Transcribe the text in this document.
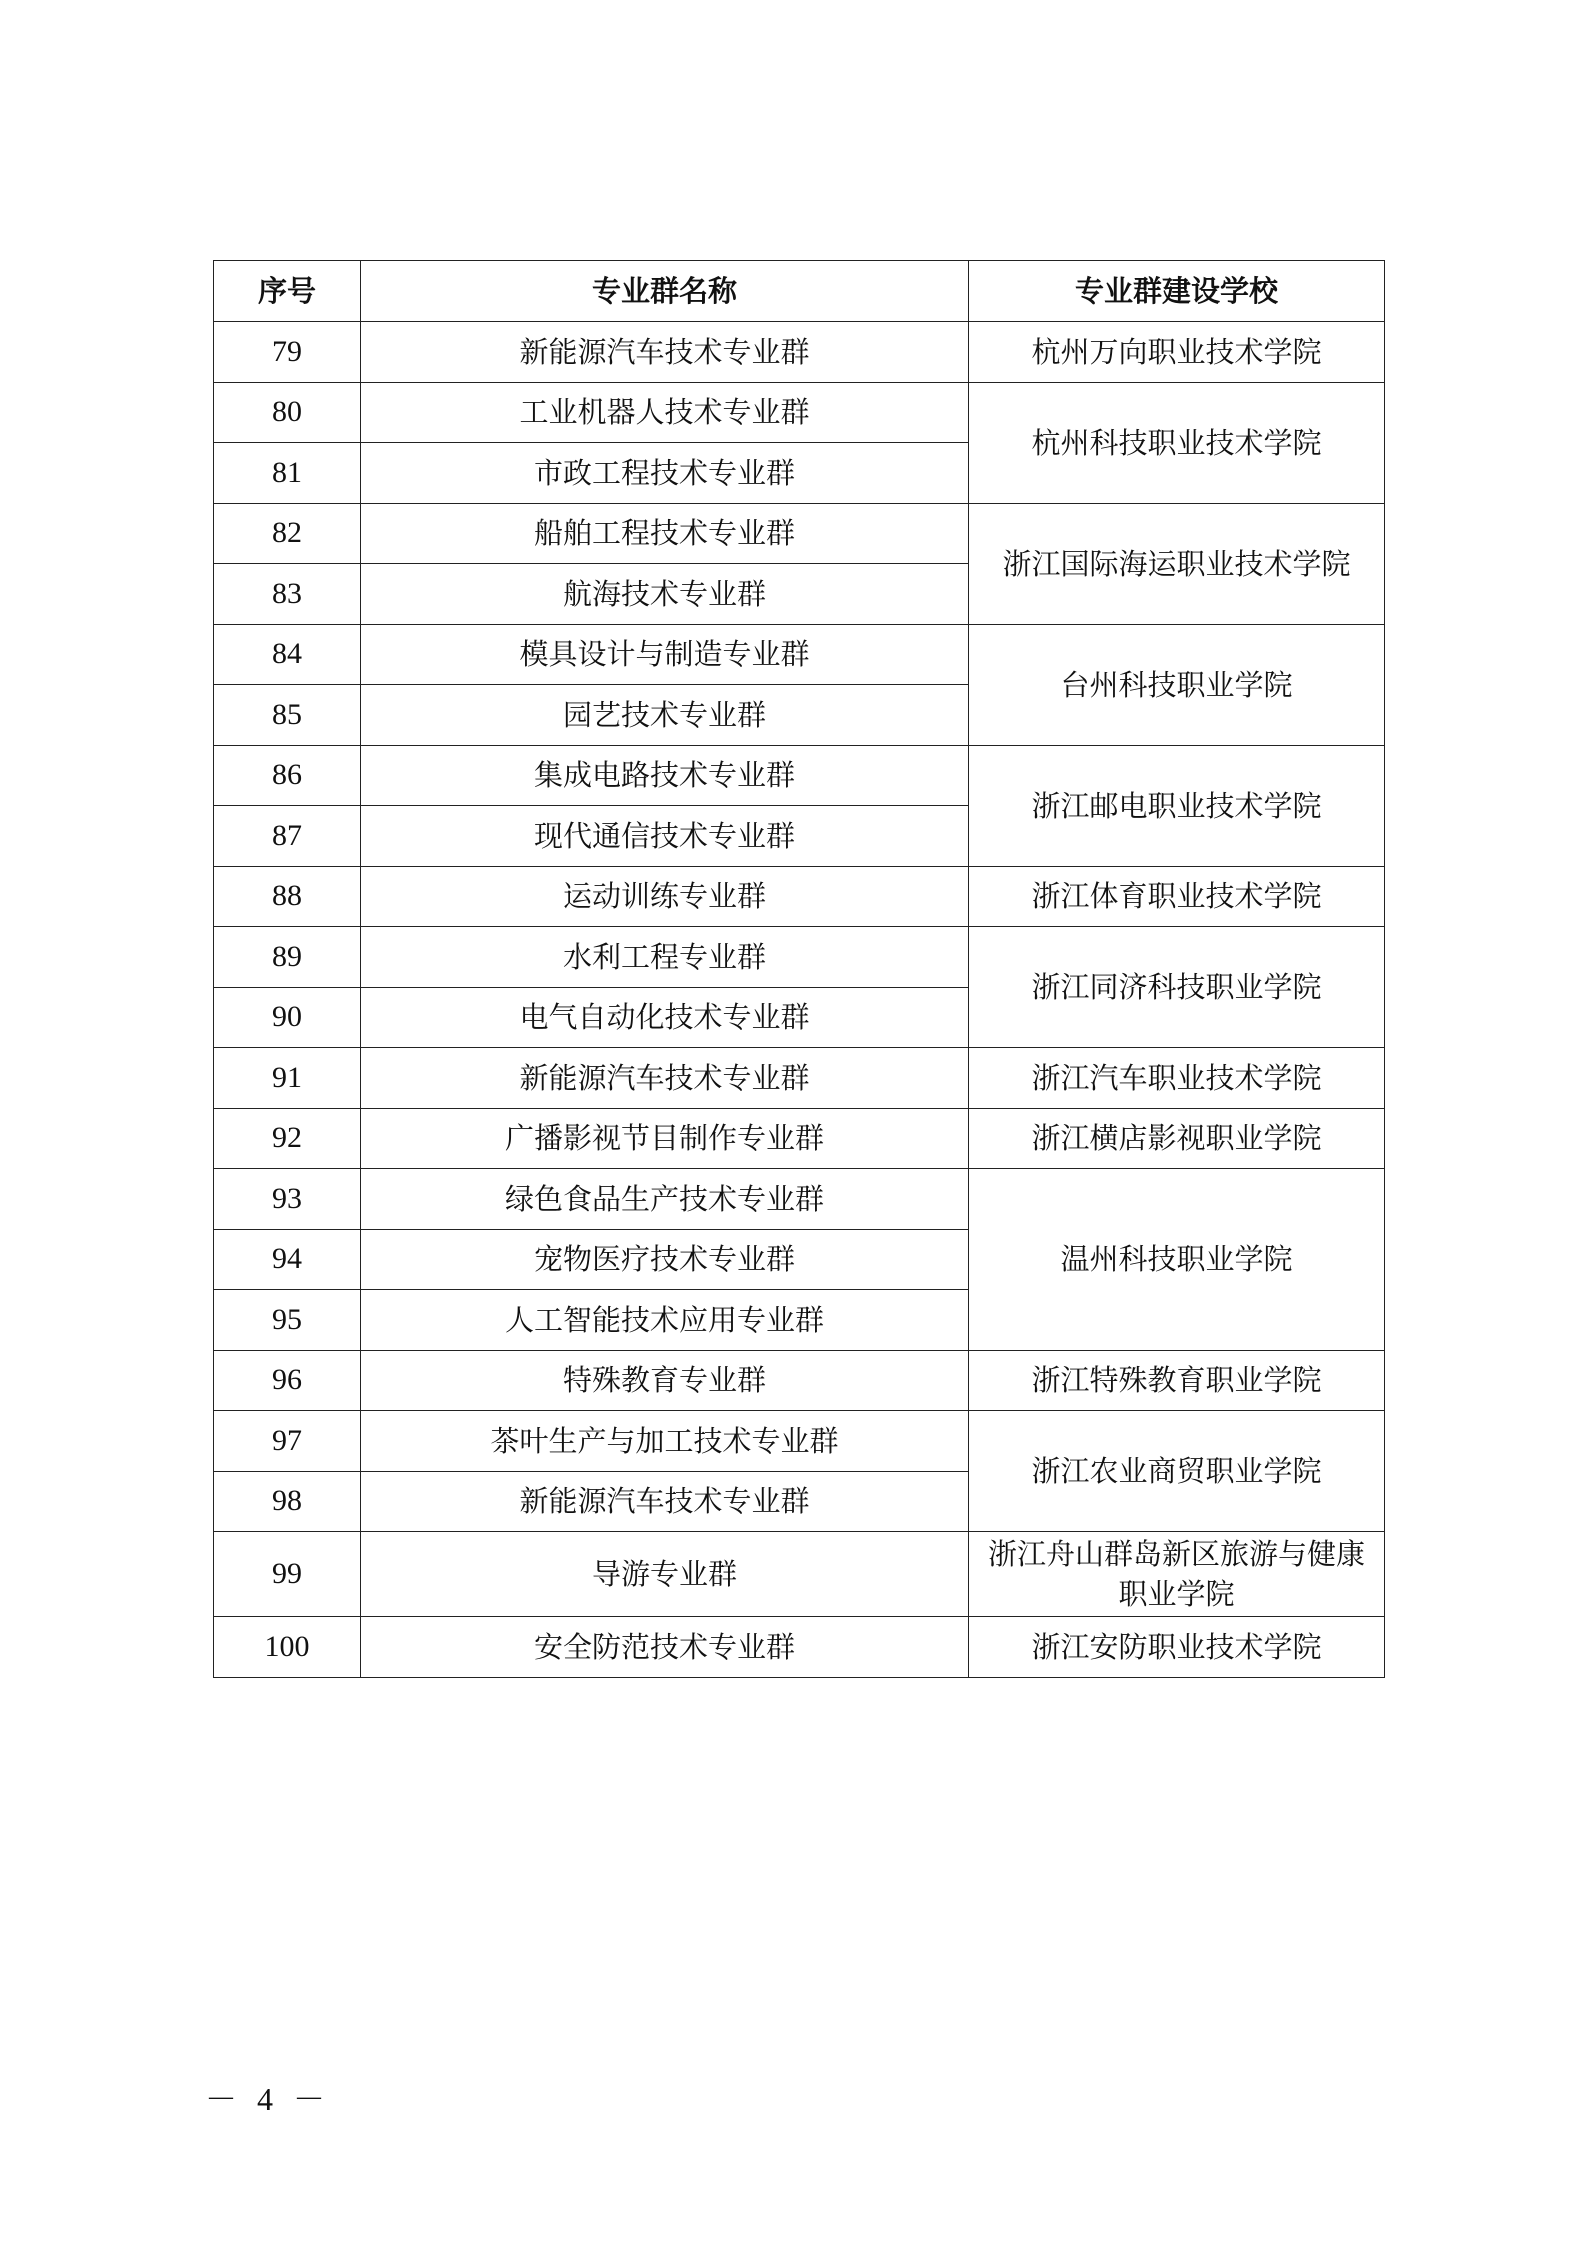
序号	专业群名称	专业群建设学校
79	新能源汽车技术专业群	杭州万向职业技术学院
80	工业机器人技术专业群	杭州科技职业技术学院
81	市政工程技术专业群	
82	船舶工程技术专业群	浙江国际海运职业技术学院
83	航海技术专业群	
84	模具设计与制造专业群	台州科技职业学院
85	园艺技术专业群	
86	集成电路技术专业群	浙江邮电职业技术学院
87	现代通信技术专业群	
88	运动训练专业群	浙江体育职业技术学院
89	水利工程专业群	浙江同济科技职业学院
90	电气自动化技术专业群	
91	新能源汽车技术专业群	浙江汽车职业技术学院
92	广播影视节目制作专业群	浙江横店影视职业学院
93	绿色食品生产技术专业群	温州科技职业学院
94	宠物医疗技术专业群	
95	人工智能技术应用专业群	
96	特殊教育专业群	浙江特殊教育职业学院
97	茶叶生产与加工技术专业群	浙江农业商贸职业学院
98	新能源汽车技术专业群	
99	导游专业群	浙江舟山群岛新区旅游与健康职业学院
100	安全防范技术专业群	浙江安防职业技术学院
－ 4 －
